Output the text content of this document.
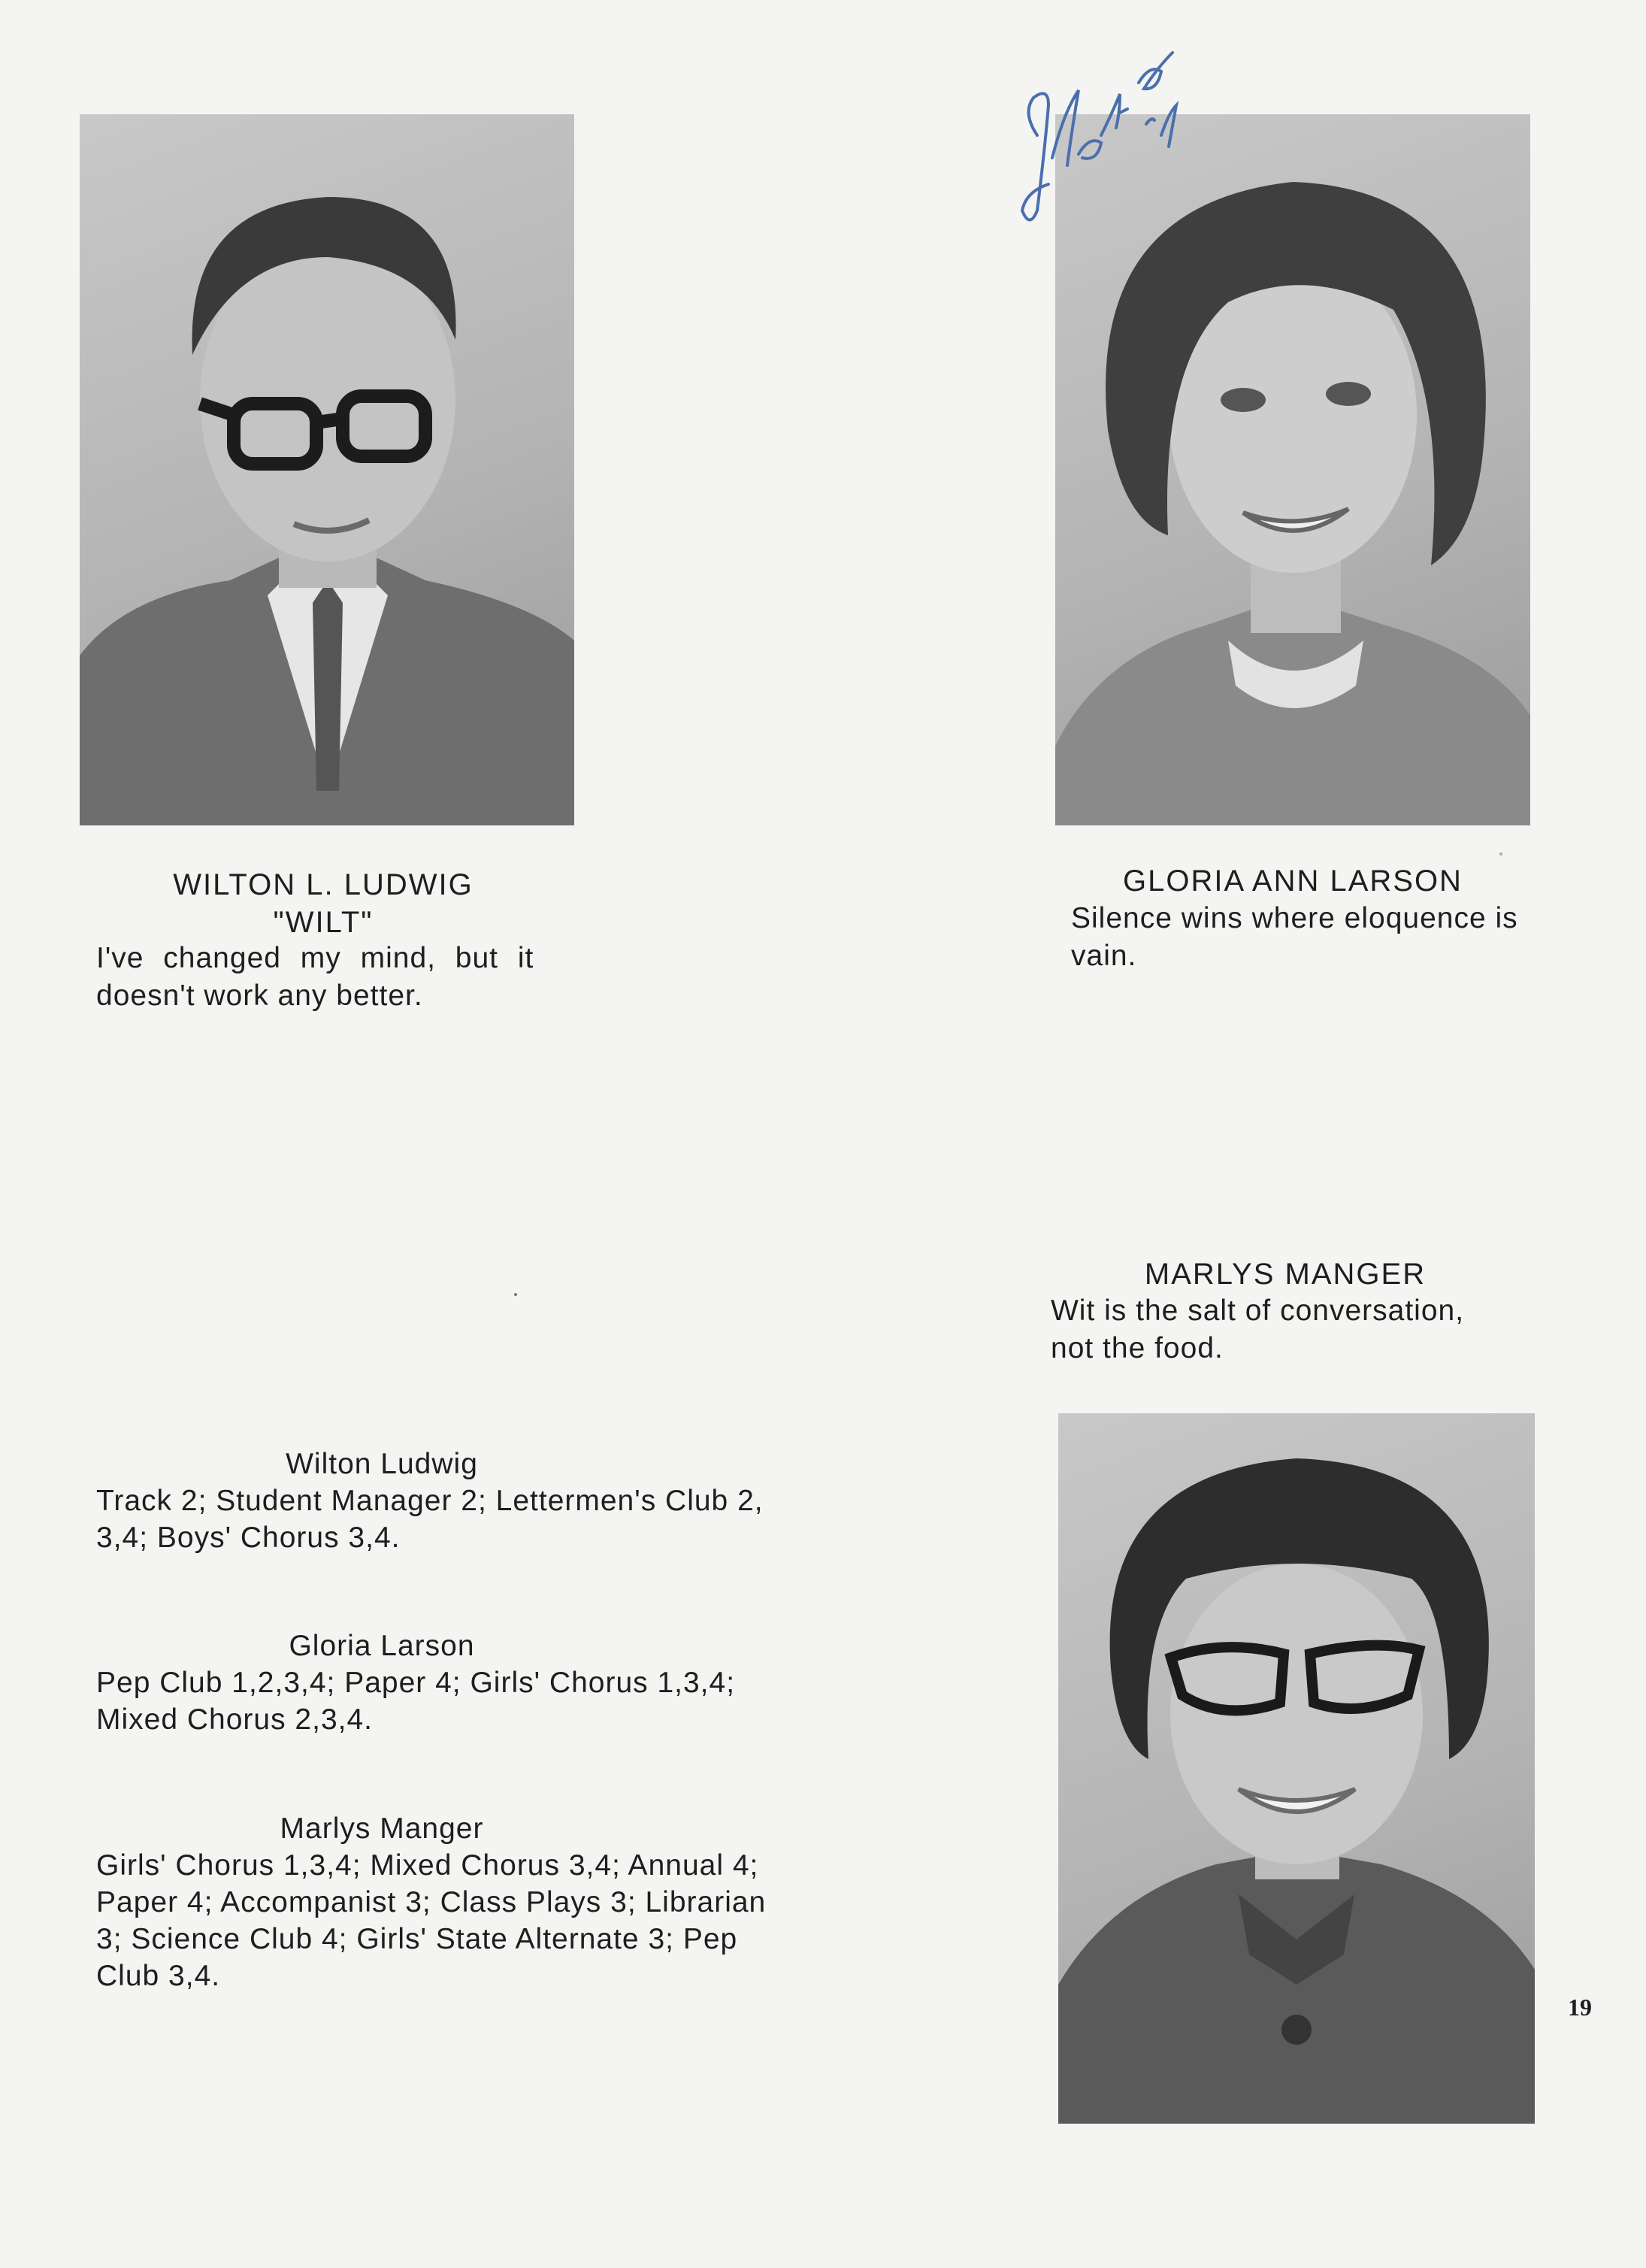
WILTON L. LUDWIG
"WILT"
I've changed my mind, but it
doesn't work any better.
GLORIA ANN LARSON
Silence wins where eloquence is
vain.
MARLYS MANGER
Wit is the salt of conversation,
not the food.
Wilton Ludwig
Track 2; Student Manager 2; Lettermen's Club 2,
3,4; Boys' Chorus 3,4.
Gloria Larson
Pep Club 1,2,3,4; Paper 4; Girls' Chorus 1,3,4;
Mixed Chorus 2,3,4.
Marlys Manger
Girls' Chorus 1,3,4; Mixed Chorus 3,4; Annual 4;
Paper 4; Accompanist 3; Class Plays 3; Librarian
3; Science Club 4; Girls' State Alternate 3; Pep
Club 3,4.
19
